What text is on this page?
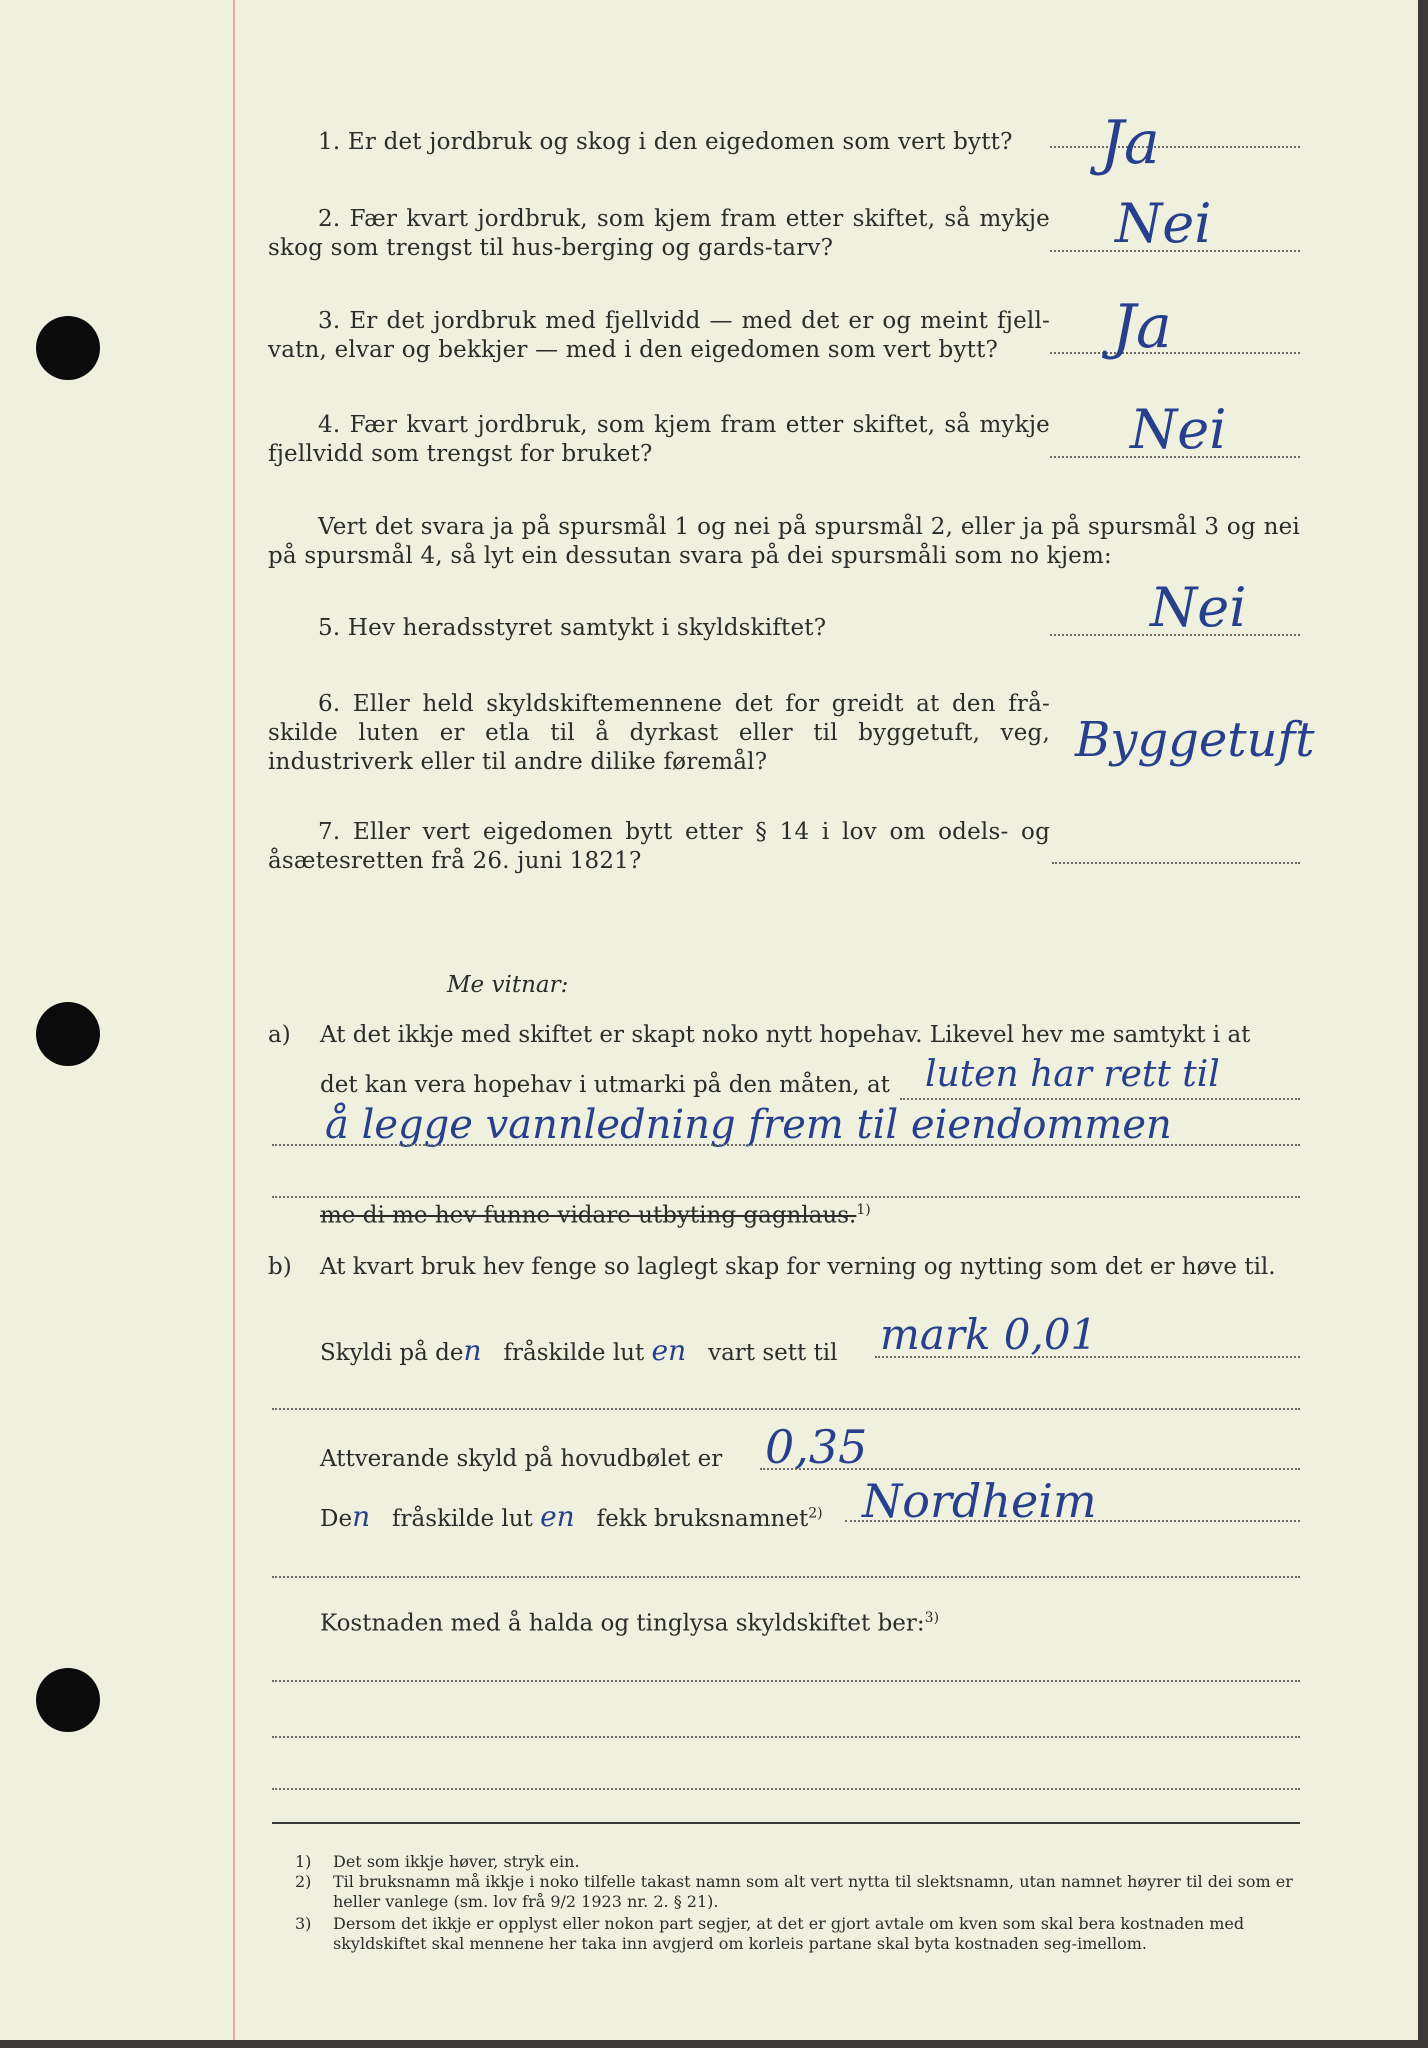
1. Er det jordbruk og skog i den eigedomen som vert bytt?	Ja
2. Fær kvart jordbruk, som kjem fram etter skiftet, så mykje skog som trengst til hus-berging og gards-tarv?	Nei
3. Er det jordbruk med fjellvidd — med det er og meint fjell-vatn, elvar og bekkjer — med i den eigedomen som vert bytt?	Ja
4. Fær kvart jordbruk, som kjem fram etter skiftet, så mykje fjellvidd som trengst for bruket?	Nei
Vert det svara ja på spursmål 1 og nei på spursmål 2, eller ja på spursmål 3 og nei på spursmål 4, så lyt ein dessutan svara på dei spursmåli som no kjem:
5. Hev heradsstyret samtykt i skyldskiftet?	Nei
6. Eller held skyldskiftemennene det for greidt at den frå-skilde luten er etla til å dyrkast eller til byggetuft, veg, industriverk eller til andre dilike føremål?	Byggetuft
7. Eller vert eigedomen bytt etter § 14 i lov om odels- og åsætesretten frå 26. juni 1821?
Me vitnar:
a) At det ikkje med skiftet er skapt noko nytt hopehav. Likevel hev me samtykt i at
det kan vera hopehav i utmarki på den måten, at luten har rett til
å legge vannledning frem til eiendommen
me di me hev funne vidare utbyting gagnlaus.$^{1)}$
b) At kvart bruk hev fenge so laglegt skap for verning og nytting som det er høve til.
Skyldi på den fråskilde lut en vart sett til mark 0,01
Attverande skyld på hovudbølet er 0,35
Den fråskilde lut en fekk bruksnamnet$^{2)}$ Nordheim
Kostnaden med å halda og tinglysa skyldskiftet ber:$^{3)}$
1) Det som ikkje høver, stryk ein.
2) Til bruksnamn må ikkje i noko tilfelle takast namn som alt vert nytta til slektsnamn, utan namnet høyrer til dei som er heller vanlege (sm. lov frå 9/2 1923 nr. 2. § 21).
3) Dersom det ikkje er opplyst eller nokon part segjer, at det er gjort avtale om kven som skal bera kostnaden med skyldskiftet skal mennene her taka inn avgjerd om korleis partane skal byta kostnaden seg-imellom.
